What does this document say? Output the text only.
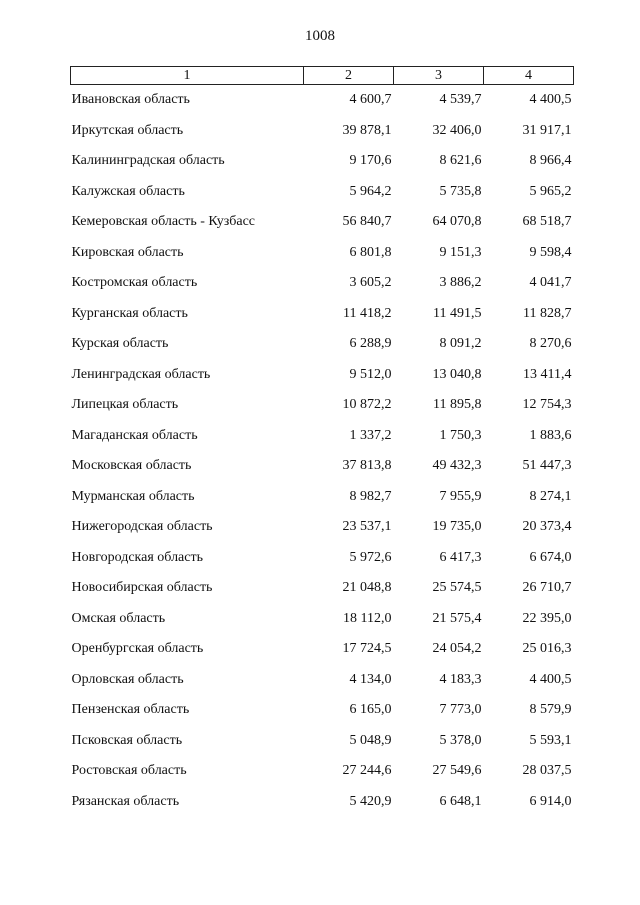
1008
1	2	3	4
Ивановская область	4 600,7	4 539,7	4 400,5
Иркутская область	39 878,1	32 406,0	31 917,1
Калининградская область	9 170,6	8 621,6	8 966,4
Калужская область	5 964,2	5 735,8	5 965,2
Кемеровская область - Кузбасс	56 840,7	64 070,8	68 518,7
Кировская область	6 801,8	9 151,3	9 598,4
Костромская область	3 605,2	3 886,2	4 041,7
Курганская область	11 418,2	11 491,5	11 828,7
Курская область	6 288,9	8 091,2	8 270,6
Ленинградская область	9 512,0	13 040,8	13 411,4
Липецкая область	10 872,2	11 895,8	12 754,3
Магаданская область	1 337,2	1 750,3	1 883,6
Московская область	37 813,8	49 432,3	51 447,3
Мурманская область	8 982,7	7 955,9	8 274,1
Нижегородская область	23 537,1	19 735,0	20 373,4
Новгородская область	5 972,6	6 417,3	6 674,0
Новосибирская область	21 048,8	25 574,5	26 710,7
Омская область	18 112,0	21 575,4	22 395,0
Оренбургская область	17 724,5	24 054,2	25 016,3
Орловская область	4 134,0	4 183,3	4 400,5
Пензенская область	6 165,0	7 773,0	8 579,9
Псковская область	5 048,9	5 378,0	5 593,1
Ростовская область	27 244,6	27 549,6	28 037,5
Рязанская область	5 420,9	6 648,1	6 914,0
